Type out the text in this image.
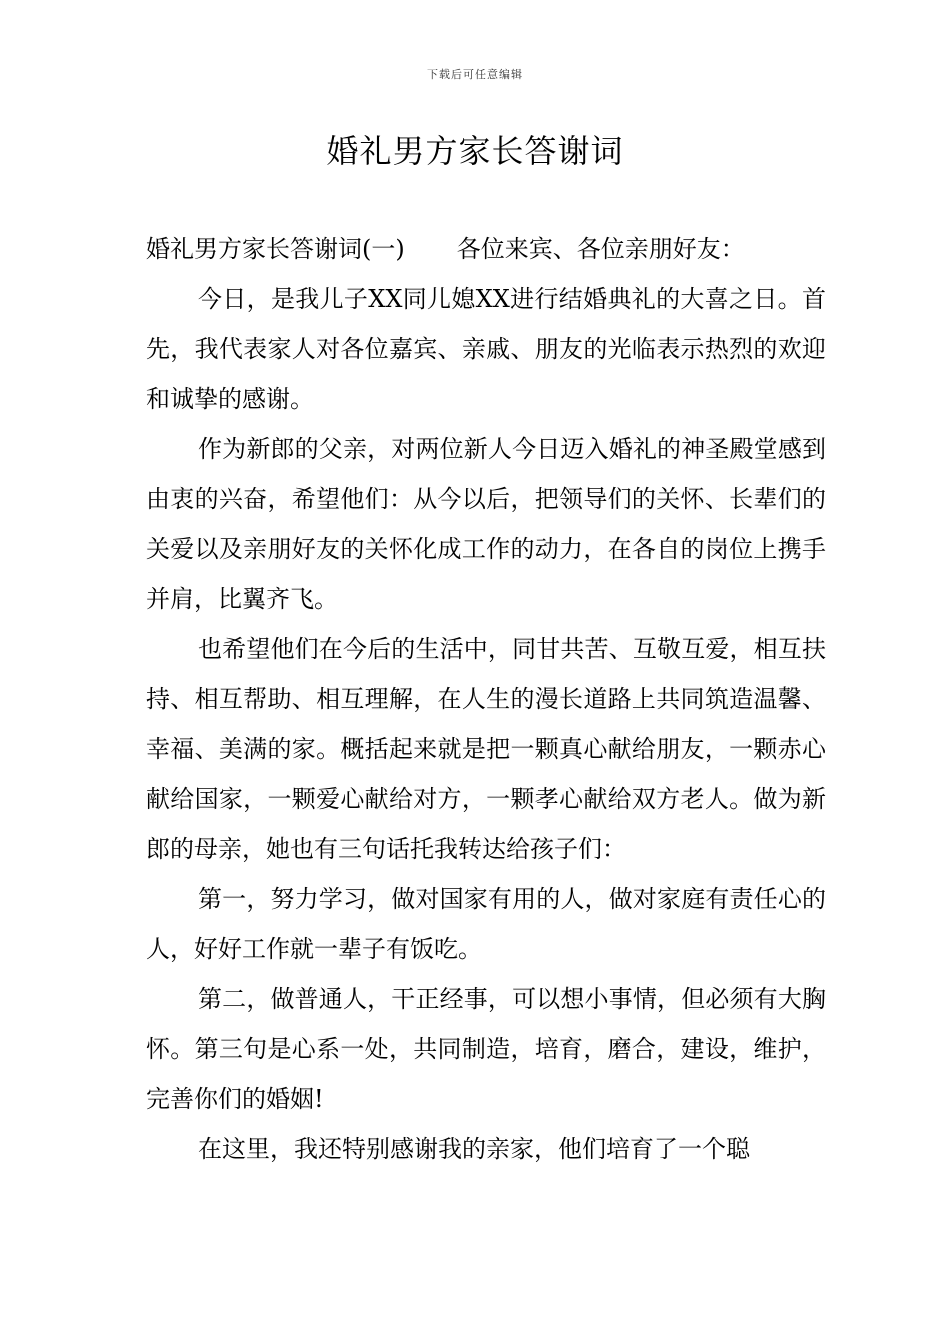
下载后可任意编辑
婚礼男方家长答谢词

婚礼男方家长答谢词(一) 各位来宾、各位亲朋好友：

今日，是我儿子XX同儿媳XX进行结婚典礼的大喜之日。首先，我代表家人对各位嘉宾、亲戚、朋友的光临表示热烈的欢迎和诚挚的感谢。

作为新郎的父亲，对两位新人今日迈入婚礼的神圣殿堂感到由衷的兴奋，希望他们：从今以后，把领导们的关怀、长辈们的关爱以及亲朋好友的关怀化成工作的动力，在各自的岗位上携手并肩，比翼齐飞。

也希望他们在今后的生活中，同甘共苦、互敬互爱，相互扶持、相互帮助、相互理解，在人生的漫长道路上共同筑造温馨、幸福、美满的家。概括起来就是把一颗真心献给朋友，一颗赤心献给国家，一颗爱心献给对方，一颗孝心献给双方老人。做为新郎的母亲，她也有三句话托我转达给孩子们：

第一，努力学习，做对国家有用的人，做对家庭有责任心的人，好好工作就一辈子有饭吃。

第二，做普通人，干正经事，可以想小事情，但必须有大胸怀。第三句是心系一处，共同制造，培育，磨合，建设，维护，完善你们的婚姻!

在这里，我还特别感谢我的亲家，他们培育了一个聪
